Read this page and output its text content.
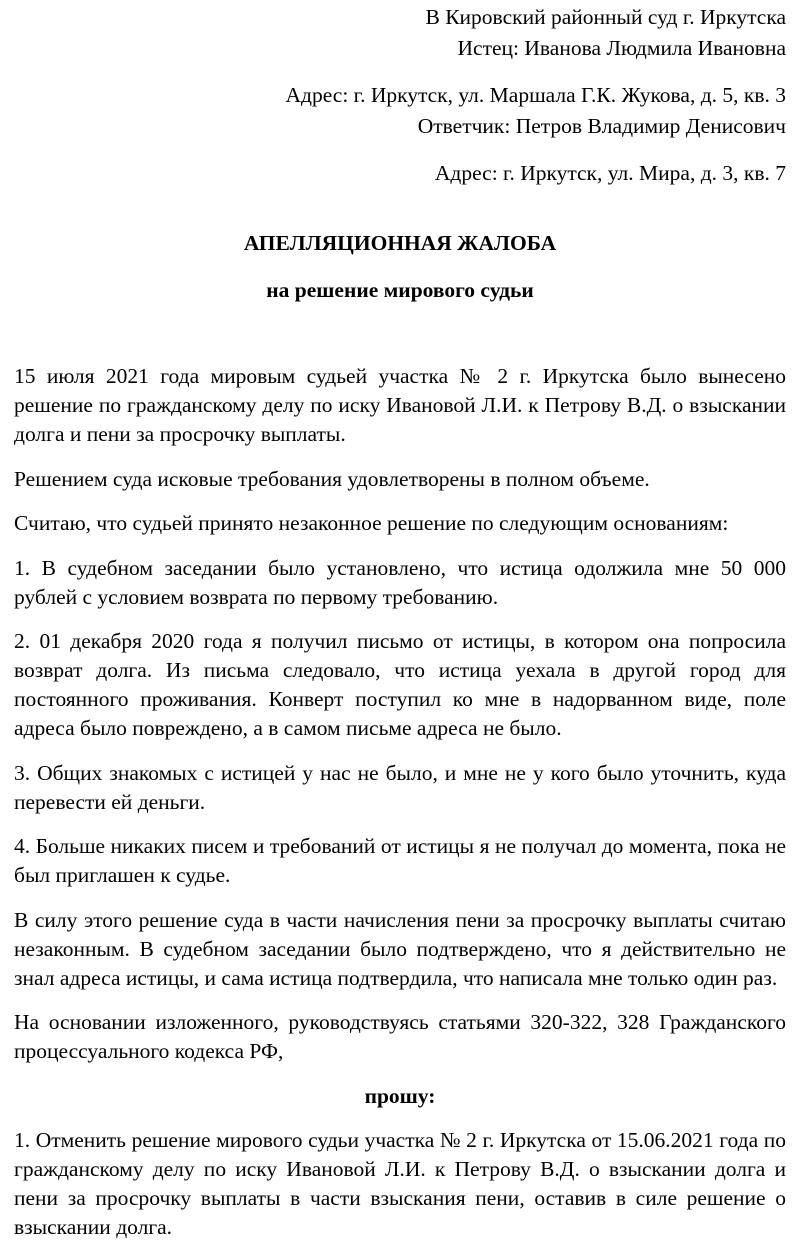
В Кировский районный суд г. Иркутска
Истец: Иванова Людмила Ивановна
Адрес: г. Иркутск, ул. Маршала Г.К. Жукова, д. 5, кв. 3
Ответчик: Петров Владимир Денисович
Адрес: г. Иркутск, ул. Мира, д. 3, кв. 7
АПЕЛЛЯЦИОННАЯ ЖАЛОБА
на решение мирового судьи

15 июля 2021 года мировым судьей участка № 2 г. Иркутска было вынесено решение по гражданскому делу по иску Ивановой Л.И. к Петрову В.Д. о взыскании долга и пени за просрочку выплаты.

Решением суда исковые требования удовлетворены в полном объеме.

Считаю, что судьей принято незаконное решение по следующим основаниям:

1. В судебном заседании было установлено, что истица одолжила мне 50 000 рублей с условием возврата по первому требованию.

2. 01 декабря 2020 года я получил письмо от истицы, в котором она попросила возврат долга. Из письма следовало, что истица уехала в другой город для постоянного проживания. Конверт поступил ко мне в надорванном виде, поле адреса было повреждено, а в самом письме адреса не было.

3. Общих знакомых с истицей у нас не было, и мне не у кого было уточнить, куда перевести ей деньги.

4. Больше никаких писем и требований от истицы я не получал до момента, пока не был приглашен к судье.

В силу этого решение суда в части начисления пени за просрочку выплаты считаю незаконным. В судебном заседании было подтверждено, что я действительно не знал адреса истицы, и сама истица подтвердила, что написала мне только один раз.

На основании изложенного, руководствуясь статьями 320-322, 328 Гражданского процессуального кодекса РФ,

прошу:

1. Отменить решение мирового судьи участка № 2 г. Иркутска от 15.06.2021 года по гражданскому делу по иску Ивановой Л.И. к Петрову В.Д. о взыскании долга и пени за просрочку выплаты в части взыскания пени, оставив в силе решение о взыскании долга.
